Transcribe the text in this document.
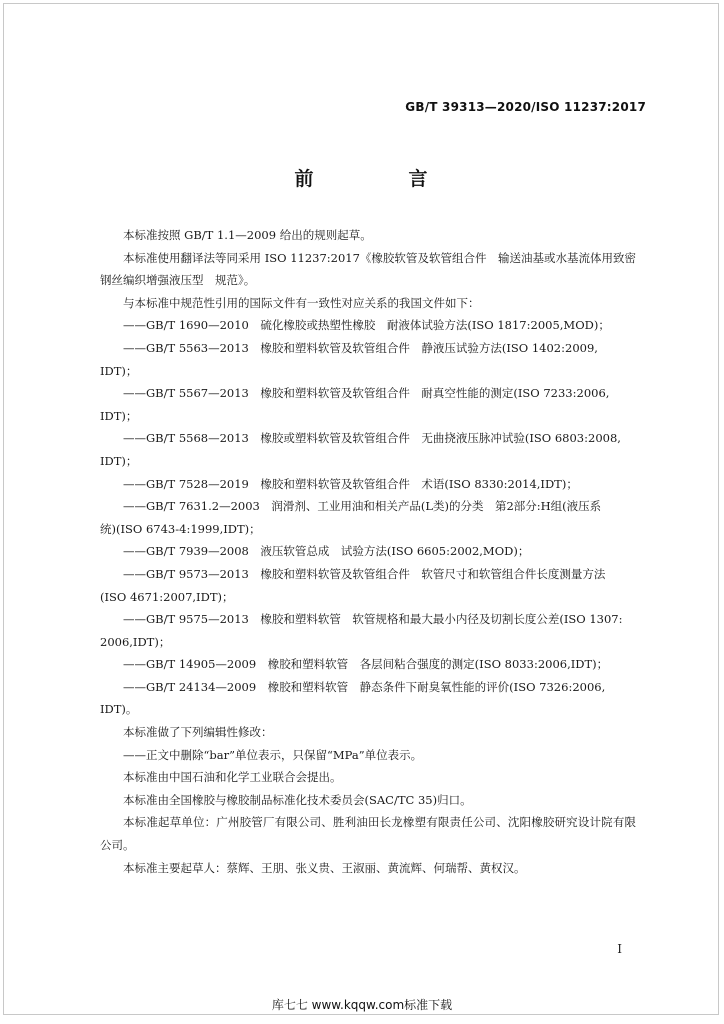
GB/T 39313—2020/ISO 11237:2017
前　言

本标准按照 GB/T 1.1—2009 给出的规则起草。

本标准使用翻译法等同采用 ISO 11237:2017《橡胶软管及软管组合件　输送油基或水基流体用致密钢丝编织增强液压型　规范》。

与本标准中规范性引用的国际文件有一致性对应关系的我国文件如下：

——GB/T 1690—2010　硫化橡胶或热塑性橡胶　耐液体试验方法(ISO 1817:2005,MOD)；

——GB/T 5563—2013　橡胶和塑料软管及软管组合件　静液压试验方法(ISO 1402:2009,
IDT)；

——GB/T 5567—2013　橡胶和塑料软管及软管组合件　耐真空性能的测定(ISO 7233:2006,
IDT)；

——GB/T 5568—2013　橡胶或塑料软管及软管组合件　无曲挠液压脉冲试验(ISO 6803:2008,
IDT)；

——GB/T 7528—2019　橡胶和塑料软管及软管组合件　术语(ISO 8330:2014,IDT)；

——GB/T 7631.2—2003　润滑剂、工业用油和相关产品(L类)的分类　第2部分:H组(液压系
统)(ISO 6743-4:1999,IDT)；

——GB/T 7939—2008　液压软管总成　试验方法(ISO 6605:2002,MOD)；

——GB/T 9573—2013　橡胶和塑料软管及软管组合件　软管尺寸和软管组合件长度测量方法
(ISO 4671:2007,IDT)；

——GB/T 9575—2013　橡胶和塑料软管　软管规格和最大最小内径及切割长度公差(ISO 1307:
2006,IDT)；

——GB/T 14905—2009　橡胶和塑料软管　各层间粘合强度的测定(ISO 8033:2006,IDT)；

——GB/T 24134—2009　橡胶和塑料软管　静态条件下耐臭氧性能的评价(ISO 7326:2006,
IDT)。

本标准做了下列编辑性修改：

——正文中删除“bar”单位表示，只保留“MPa”单位表示。

本标准由中国石油和化学工业联合会提出。

本标准由全国橡胶与橡胶制品标准化技术委员会(SAC/TC 35)归口。

本标准起草单位：广州胶管厂有限公司、胜利油田长龙橡塑有限责任公司、沈阳橡胶研究设计院有限公司。

本标准主要起草人：蔡辉、王朋、张义贵、王淑丽、黄流辉、何瑞帮、黄权汉。

I
库七七 www.kqqw.com标准下载
